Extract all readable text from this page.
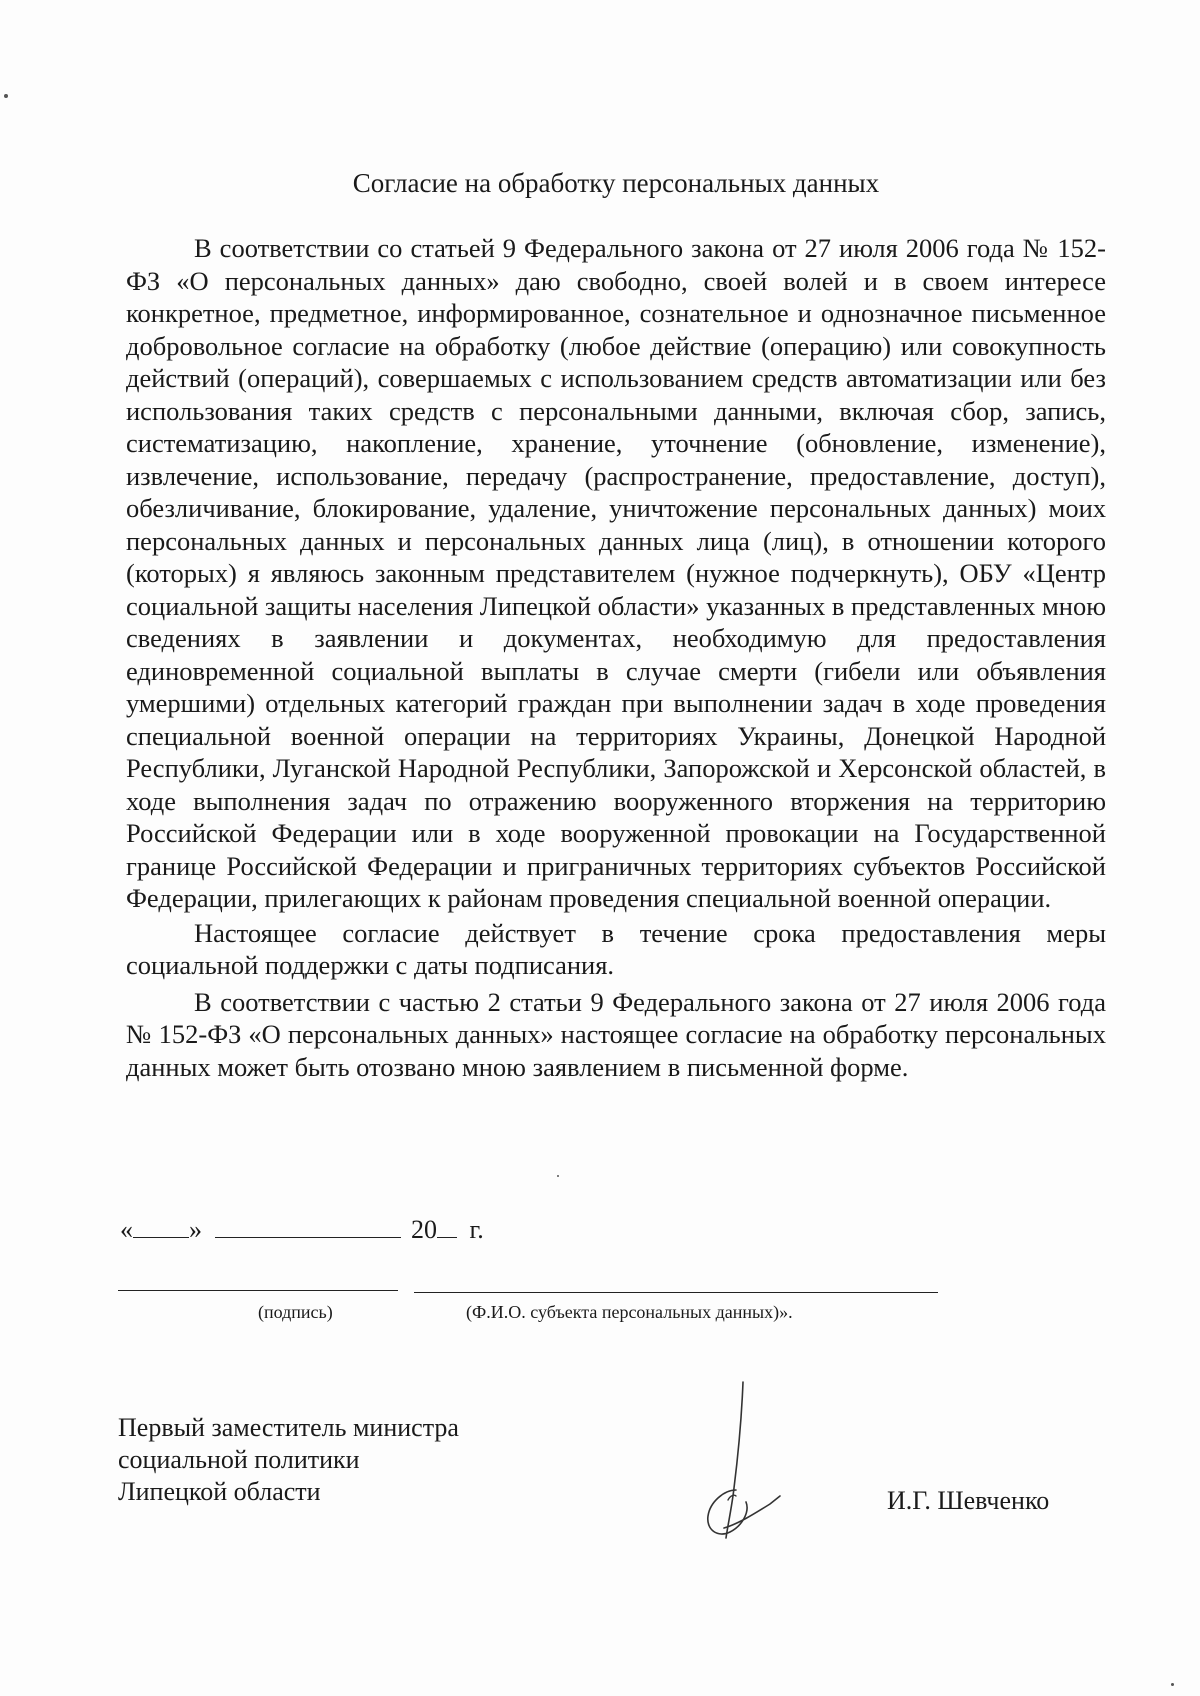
Согласие на обработку персональных данных

В соответствии со статьей 9 Федерального закона от 27 июля 2006 года № 152-ФЗ «О персональных данных» даю свободно, своей волей и в своем интересе конкретное, предметное, информированное, сознательное и однозначное письменное добровольное согласие на обработку (любое действие (операцию) или совокупность действий (операций), совершаемых с использованием средств автоматизации или без использования таких средств с персональными данными, включая сбор, запись, систематизацию, накопление, хранение, уточнение (обновление, изменение), извлечение, использование, передачу (распространение, предоставление, доступ), обезличивание, блокирование, удаление, уничтожение персональных данных) моих персональных данных и персональных данных лица (лиц), в отношении которого (которых) я являюсь законным представителем (нужное подчеркнуть), ОБУ «Центр социальной защиты населения Липецкой области» указанных в представленных мною сведениях в заявлении и документах, необходимую для предоставления единовременной социальной выплаты в случае смерти (гибели или объявления умершими) отдельных категорий граждан при выполнении задач в ходе проведения специальной военной операции на территориях Украины, Донецкой Народной Республики, Луганской Народной Республики, Запорожской и Херсонской областей, в ходе выполнения задач по отражению вооруженного вторжения на территорию Российской Федерации или в ходе вооруженной провокации на Государственной границе Российской Федерации и приграничных территориях субъектов Российской Федерации, прилегающих к районам проведения специальной военной операции.

Настоящее согласие действует в течение срока предоставления меры социальной поддержки с даты подписания.

В соответствии с частью 2 статьи 9 Федерального закона от 27 июля 2006 года № 152-ФЗ «О персональных данных» настоящее согласие на обработку персональных данных может быть отозвано мною заявлением в письменной форме.

« »	20 г.
(подпись)	(Ф.И.О. субъекта персональных данных)».
Первый заместитель министра
социальной политики
Липецкой области	И.Г. Шевченко
